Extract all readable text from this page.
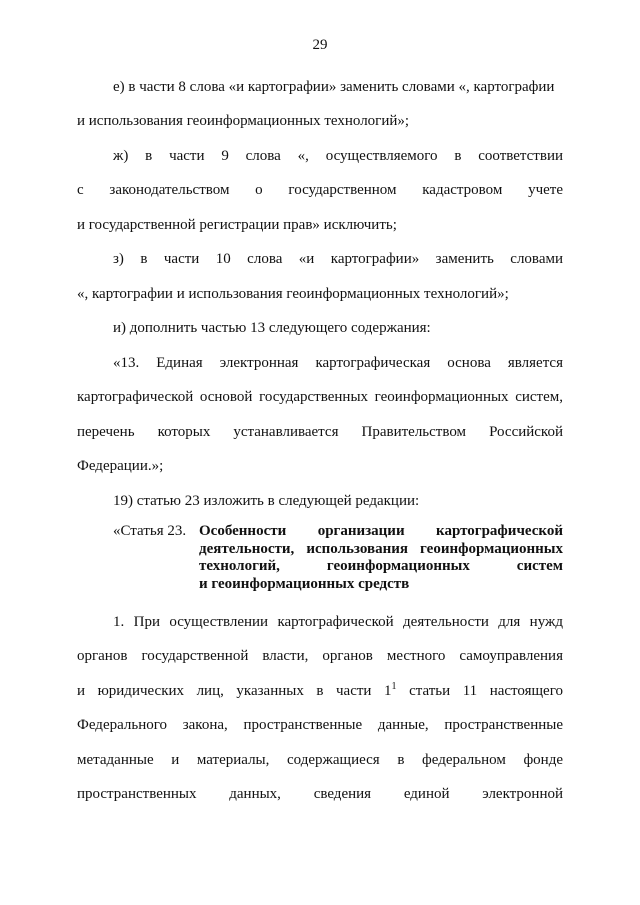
29
е) в части 8 слова «и картографии» заменить словами «, картографии
и использования геоинформационных технологий»;
ж) в части 9 слова «, осуществляемого в соответствии
с законодательством о государственном кадастровом учете
и государственной регистрации прав» исключить;
з) в части 10 слова «и картографии» заменить словами
«, картографии и использования геоинформационных технологий»;
и) дополнить частью 13 следующего содержания:
«13. Единая электронная картографическая основа является
картографической основой государственных геоинформационных систем,
перечень которых устанавливается Правительством Российской
Федерации.»;
19) статью 23 изложить в следующей редакции:
«Статья 23. Особенности организации картографической
деятельности, использования геоинформационных
технологий, геоинформационных систем
и геоинформационных средств
1. При осуществлении картографической деятельности для нужд
органов государственной власти, органов местного самоуправления
и юридических лиц, указанных в части $1^1$ статьи 11 настоящего
Федерального закона, пространственные данные, пространственные
метаданные и материалы, содержащиеся в федеральном фонде
пространственных данных, сведения единой электронной
